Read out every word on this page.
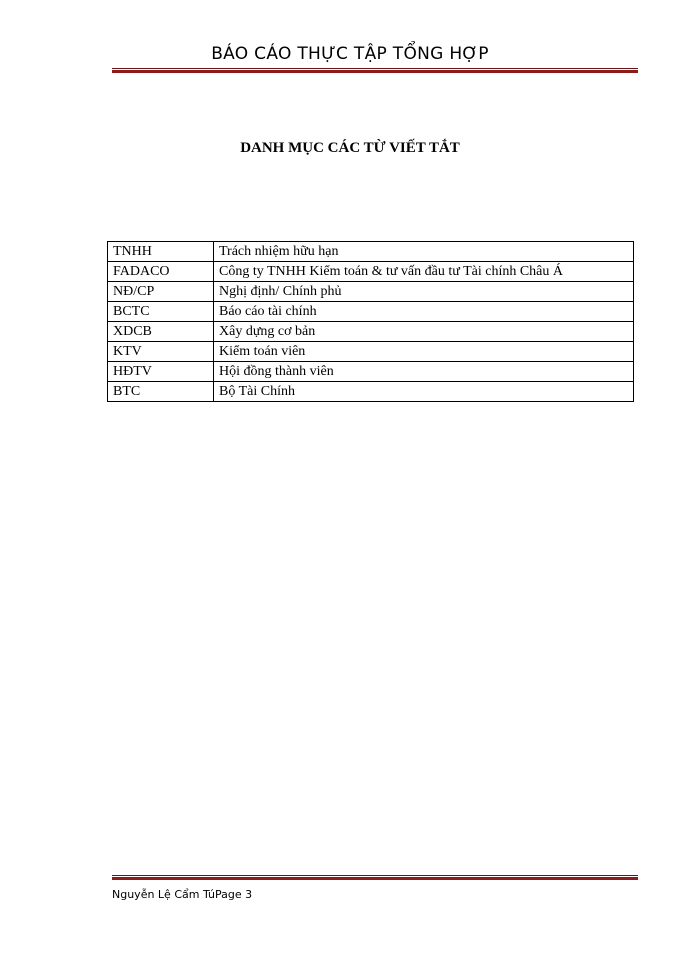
BÁO CÁO THỰC TẬP TỔNG HỢP
DANH MỤC CÁC TỪ VIẾT TẮT
TNHH	Trách nhiệm hữu hạn
FADACO	Công ty TNHH Kiểm toán & tư vấn đầu tư Tài chính Châu Á
NĐ/CP	Nghị định/ Chính phủ
BCTC	Báo cáo tài chính
XDCB	Xây dựng cơ bản
KTV	Kiểm toán viên
HĐTV	Hội đồng thành viên
BTC	Bộ Tài Chính
Nguyễn Lệ Cẩm TúPage 3
